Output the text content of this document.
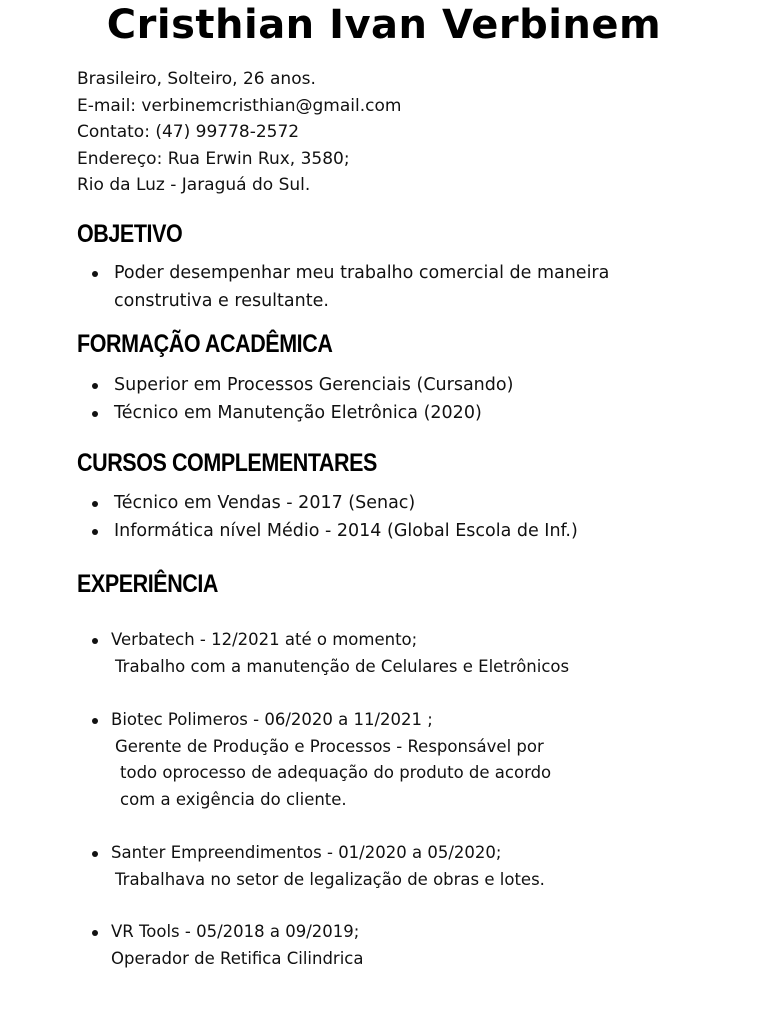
Cristhian Ivan Verbinem
Brasileiro, Solteiro, 26 anos.
E-mail: verbinemcristhian@gmail.com
Contato: (47) 99778-2572
Endereço: Rua Erwin Rux, 3580;
Rio da Luz - Jaraguá do Sul.
OBJETIVO
Poder desempenhar meu trabalho comercial de maneira
construtiva e resultante.
FORMAÇÃO ACADÊMICA
Superior em Processos Gerenciais (Cursando)
Técnico em Manutenção Eletrônica (2020)
CURSOS COMPLEMENTARES
Técnico em Vendas - 2017 (Senac)
Informática nível Médio - 2014 (Global Escola de Inf.)
EXPERIÊNCIA
Verbatech - 12/2021 até o momento;
Trabalho com a manutenção de Celulares e Eletrônicos
Biotec Polimeros - 06/2020 a 11/2021 ;
Gerente de Produção e Processos - Responsável por
todo oprocesso de adequação do produto de acordo
com a exigência do cliente.
Santer Empreendimentos - 01/2020 a 05/2020;
Trabalhava no setor de legalização de obras e lotes.
VR Tools - 05/2018 a 09/2019;
Operador de Retifica Cilindrica
